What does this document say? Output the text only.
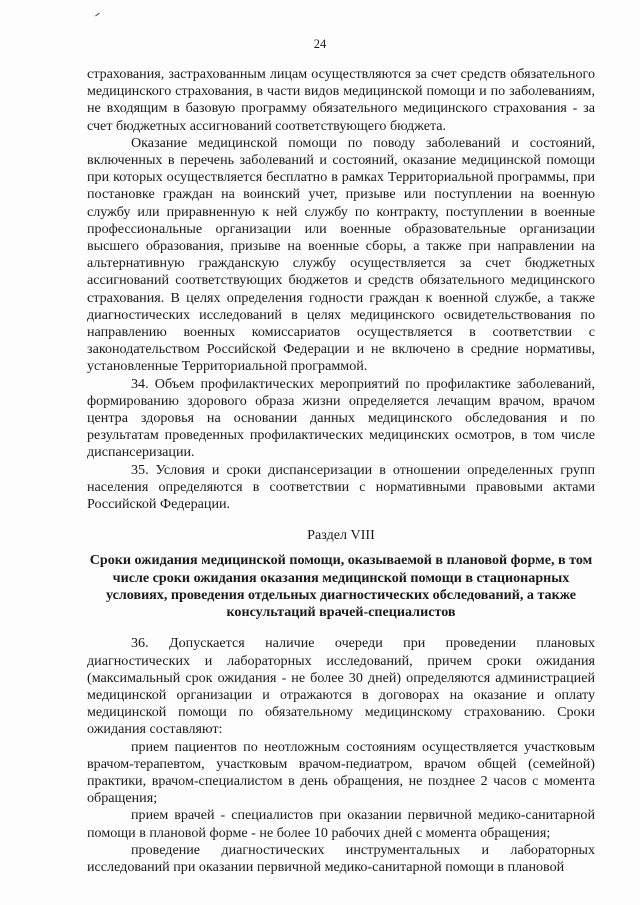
24

страхования, застрахованным лицам осуществляются за счет средств обязательного медицинского страхования, в части видов медицинской помощи и по заболеваниям, не входящим в базовую программу обязательного медицинского страхования - за счет бюджетных ассигнований соответствующего бюджета.

Оказание медицинской помощи по поводу заболеваний и состояний, включенных в перечень заболеваний и состояний, оказание медицинской помощи при которых осуществляется бесплатно в рамках Территориальной программы, при постановке граждан на воинский учет, призыве или поступлении на военную службу или приравненную к ней службу по контракту, поступлении в военные профессиональные организации или военные образовательные организации высшего образования, призыве на военные сборы, а также при направлении на альтернативную гражданскую службу осуществляется за счет бюджетных ассигнований соответствующих бюджетов и средств обязательного медицинского страхования. В целях определения годности граждан к военной службе, а также диагностических исследований в целях медицинского освидетельствования по направлению военных комиссариатов осуществляется в соответствии с законодательством Российской Федерации и не включено в средние нормативы, установленные Территориальной программой.

34. Объем профилактических мероприятий по профилактике заболеваний, формированию здорового образа жизни определяется лечащим врачом, врачом центра здоровья на основании данных медицинского обследования и по результатам проведенных профилактических медицинских осмотров, в том числе диспансеризации.

35. Условия и сроки диспансеризации в отношении определенных групп населения определяются в соответствии с нормативными правовыми актами Российской Федерации.

Раздел VIII

Сроки ожидания медицинской помощи, оказываемой в плановой форме, в том числе сроки ожидания оказания медицинской помощи в стационарных условиях, проведения отдельных диагностических обследований, а также консультаций врачей-специалистов

36. Допускается наличие очереди при проведении плановых диагностических и лабораторных исследований, причем сроки ожидания (максимальный срок ожидания - не более 30 дней) определяются администрацией медицинской организации и отражаются в договорах на оказание и оплату медицинской помощи по обязательному медицинскому страхованию. Сроки ожидания составляют:

прием пациентов по неотложным состояниям осуществляется участковым врачом-терапевтом, участковым врачом-педиатром, врачом общей (семейной) практики, врачом-специалистом в день обращения, не позднее 2 часов с момента обращения;

прием врачей - специалистов при оказании первичной медико-санитарной помощи в плановой форме - не более 10 рабочих дней с момента обращения;

проведение диагностических инструментальных и лабораторных исследований при оказании первичной медико-санитарной помощи в плановой
